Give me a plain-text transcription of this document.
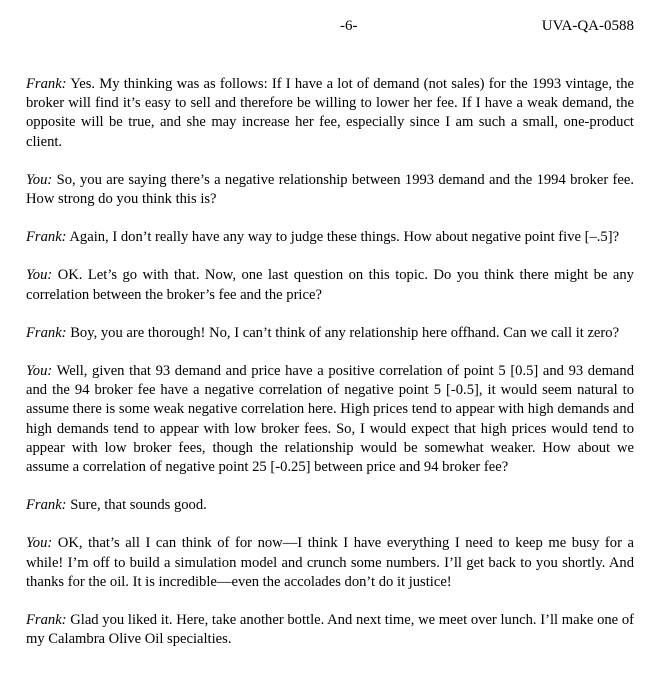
-6-	UVA-QA-0588

Frank: Yes. My thinking was as follows: If I have a lot of demand (not sales) for the 1993 vintage, the broker will find it’s easy to sell and therefore be willing to lower her fee. If I have a weak demand, the opposite will be true, and she may increase her fee, especially since I am such a small, one-product client.

You: So, you are saying there’s a negative relationship between 1993 demand and the 1994 broker fee. How strong do you think this is?

Frank: Again, I don’t really have any way to judge these things. How about negative point five [–.5]?

You: OK. Let’s go with that. Now, one last question on this topic. Do you think there might be any correlation between the broker’s fee and the price?

Frank: Boy, you are thorough! No, I can’t think of any relationship here offhand. Can we call it zero?

You: Well, given that 93 demand and price have a positive correlation of point 5 [0.5] and 93 demand and the 94 broker fee have a negative correlation of negative point 5 [-0.5], it would seem natural to assume there is some weak negative correlation here. High prices tend to appear with high demands and high demands tend to appear with low broker fees. So, I would expect that high prices would tend to appear with low broker fees, though the relationship would be somewhat weaker. How about we assume a correlation of negative point 25 [-0.25] between price and 94 broker fee?

Frank: Sure, that sounds good.

You: OK, that’s all I can think of for now—I think I have everything I need to keep me busy for a while! I’m off to build a simulation model and crunch some numbers. I’ll get back to you shortly. And thanks for the oil. It is incredible—even the accolades don’t do it justice!

Frank: Glad you liked it. Here, take another bottle. And next time, we meet over lunch. I’ll make one of my Calambra Olive Oil specialties.
